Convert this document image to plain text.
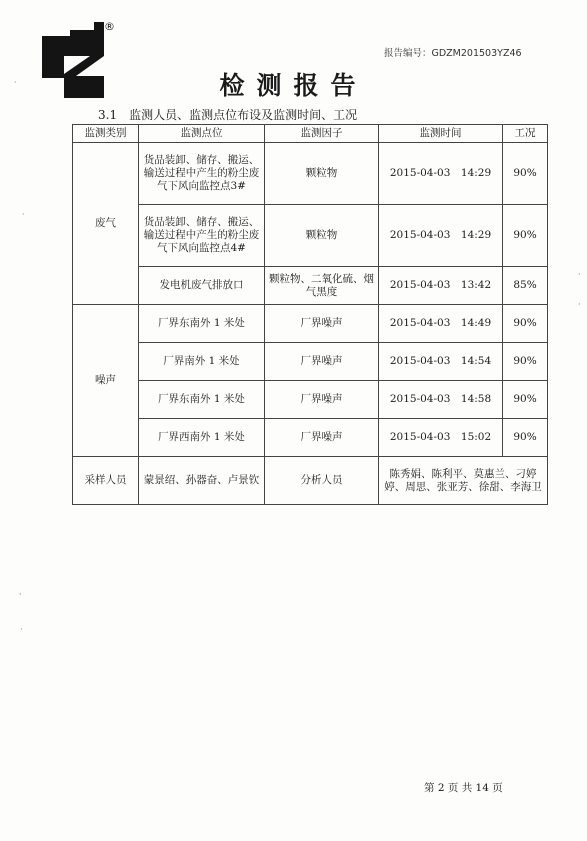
®
报告编号：GDZM201503YZ46
检测报告
3.1 监测人员、监测点位布设及监测时间、工况
监测类别	监测点位	监测因子	监测时间	工况
废气	货品装卸、储存、搬运、输送过程中产生的粉尘废气下风向监控点3#	颗粒物	2015-04-03　14:29	90%
	货品装卸、储存、搬运、输送过程中产生的粉尘废气下风向监控点4#	颗粒物	2015-04-03　14:29	90%
	发电机废气排放口	颗粒物、二氧化硫、烟气黑度	2015-04-03　13:42	85%
噪声	厂界东南外 1 米处	厂界噪声	2015-04-03　14:49	90%
	厂界南外 1 米处	厂界噪声	2015-04-03　14:54	90%
	厂界东南外 1 米处	厂界噪声	2015-04-03　14:58	90%
	厂界西南外 1 米处	厂界噪声	2015-04-03　15:02	90%
采样人员	蒙景绍、孙器奋、卢景钦	分析人员	陈秀娟、陈利平、莫惠兰、刁婷婷、周思、张亚芳、徐甜、李海卫	
·
·
·
·
·
·
第 2 页 共 14 页
